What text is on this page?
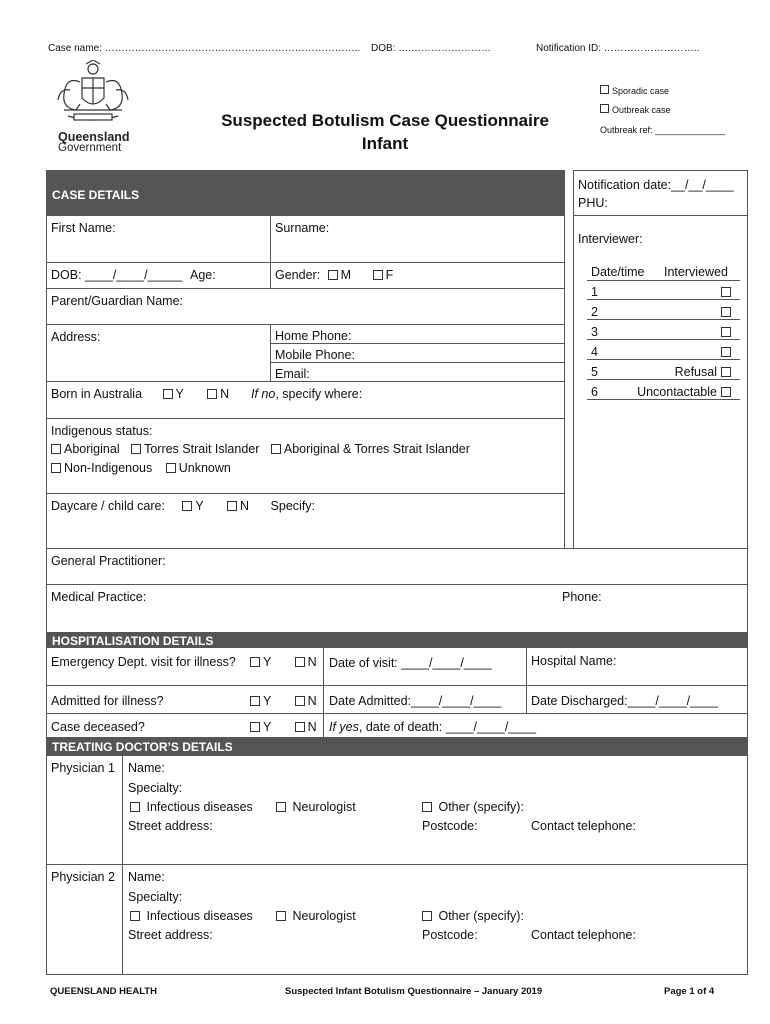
Case name: ………………………………………………………………….. DOB: ….……………………	Notification ID: ………………………..
Queensland
Government
Suspected Botulism Case Questionnaire
Infant
Sporadic case
Outbreak case
Outbreak ref: ______________
CASE DETAILS
First Name:	Surname:
DOB: ____/____/_____ Age:	Gender: M	F
Parent/Guardian Name:
Address:	Home Phone:
Mobile Phone:
Email:
Born in Australia	Y	N If no, specify where:
Indigenous status:
Aboriginal Torres Strait Islander Aboriginal & Torres Strait Islander
Non-Indigenous Unknown
Daycare / child care: Y	N Specify:
General Practitioner:
Medical Practice:	Phone:
Notification date:__/__/____
PHU:
Interviewer:
Date/time Interviewed
1
2
3
4
5	Refusal
6	Uncontactable
HOSPITALISATION DETAILS
Emergency Dept. visit for illness?	Y	N Date of visit: ____/____/____	Hospital Name:
Admitted for illness?	Y	N Date Admitted:____/____/____ Date Discharged:____/____/____
Case deceased?	Y	N If yes, date of death: ____/____/____
TREATING DOCTOR’S DETAILS
Physician 1 Name:
Specialty:
Infectious diseases	Neurologist	Other (specify):
Street address:	Postcode:	Contact telephone:
Physician 2 Name:
Specialty:
Infectious diseases	Neurologist	Other (specify):
Street address:	Postcode:	Contact telephone:
QUEENSLAND HEALTH	Suspected Infant Botulism Questionnaire – January 2019	Page 1 of 4
